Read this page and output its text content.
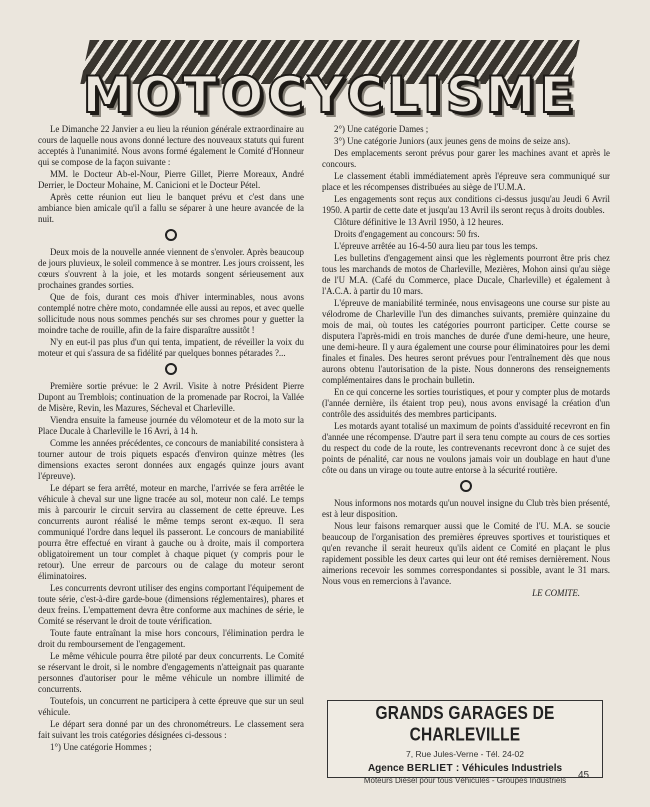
MOTOCYCLISME

Le Dimanche 22 Janvier a eu lieu la réunion générale extraordinaire au cours de laquelle nous avons donné lecture des nouveaux statuts qui furent acceptés à l'unanimité. Nous avons formé également le Comité d'Honneur qui se compose de la façon suivante :

MM. le Docteur Ab-el-Nour, Pierre Gillet, Pierre Moreaux, André Derrier, le Docteur Mohaine, M. Canicioni et le Docteur Pétel.

Après cette réunion eut lieu le banquet prévu et c'est dans une ambiance bien amicale qu'il a fallu se séparer à une heure avancée de la nuit.

Deux mois de la nouvelle année viennent de s'envoler. Après beaucoup de jours pluvieux, le soleil commence à se montrer. Les jours croissent, les cœurs s'ouvrent à la joie, et les motards songent sérieusement aux prochaines grandes sorties.

Que de fois, durant ces mois d'hiver interminables, nous avons contemplé notre chère moto, condamnée elle aussi au repos, et avec quelle sollicitude nous nous sommes penchés sur ses chromes pour y guetter la moindre tache de rouille, afin de la faire disparaître aussitôt !

N'y en eut-il pas plus d'un qui tenta, impatient, de réveiller la voix du moteur et qui s'assura de sa fidélité par quelques bonnes pétarades ?...

Première sortie prévue: le 2 Avril. Visite à notre Président Pierre Dupont au Tremblois; continuation de la promenade par Rocroi, la Vallée de Misère, Revin, les Mazures, Sécheval et Charleville.

Viendra ensuite la fameuse journée du vélomoteur et de la moto sur la Place Ducale à Charleville le 16 Avri, à 14 h.

Comme les années précédentes, ce concours de maniabilité consistera à tourner autour de trois piquets espacés d'environ quinze mètres (les dimensions exactes seront données aux engagés quinze jours avant l'épreuve).

Le départ se fera arrêté, moteur en marche, l'arrivée se fera arrêtée le véhicule à cheval sur une ligne tracée au sol, moteur non calé. Le temps mis à parcourir le circuit servira au classement de cette épreuve. Les concurrents auront réalisé le même temps seront ex-æquo. Il sera communiqué l'ordre dans lequel ils passeront. Le concours de maniabilité pourra être effectué en virant à gauche ou à droite, mais il comportera obligatoirement un tour complet à chaque piquet (y compris pour le retour). Une erreur de parcours ou de calage du moteur seront éliminatoires.

Les concurrents devront utiliser des engins comportant l'équipement de toute série, c'est-à-dire garde-boue (dimensions réglementaires), phares et deux freins. L'empattement devra être conforme aux machines de série, le Comité se réservant le droit de toute vérification.

Toute faute entraînant la mise hors concours, l'élimination perdra le droit du remboursement de l'engagement.

Le même véhicule pourra être piloté par deux concurrents. Le Comité se réservant le droit, si le nombre d'engagements n'atteignait pas quarante personnes d'autoriser pour le même véhicule un nombre illimité de concurrents.

Toutefois, un concurrent ne participera à cette épreuve que sur un seul véhicule.

Le départ sera donné par un des chronométreurs. Le classement sera fait suivant les trois catégories désignées ci-dessous :

1°) Une catégorie Hommes ;

2°) Une catégorie Dames ;

3°) Une catégorie Juniors (aux jeunes gens de moins de seize ans).

Des emplacements seront prévus pour garer les machines avant et après le concours.

Le classement établi immédiatement après l'épreuve sera communiqué sur place et les récompenses distribuées au siège de l'U.M.A.

Les engagements sont reçus aux conditions ci-dessus jusqu'au Jeudi 6 Avril 1950. A partir de cette date et jusqu'au 13 Avril ils seront reçus à droits doubles.

Clôture définitive le 13 Avril 1950, à 12 heures.

Droits d'engagement au concours: 50 frs.

L'épreuve arrêtée au 16-4-50 aura lieu par tous les temps.

Les bulletins d'engagement ainsi que les règlements pourront être pris chez tous les marchands de motos de Charleville, Mezières, Mohon ainsi qu'au siège de l'U M.A. (Café du Commerce, place Ducale, Charleville) et également à l'A.C.A. à partir du 10 mars.

L'épreuve de maniabilité terminée, nous envisageons une course sur piste au vélodrome de Charleville l'un des dimanches suivants, première quinzaine du mois de mai, où toutes les catégories pourront participer. Cette course se disputera l'après-midi en trois manches de durée d'une demi-heure, une heure, une demi-heure. Il y aura également une course pour éliminatoires pour les demi finales et finales. Des heures seront prévues pour l'entraînement dès que nous aurons obtenu l'autorisation de la piste. Nous donnerons des renseignements complémentaires dans le prochain bulletin.

En ce qui concerne les sorties touristiques, et pour y compter plus de motards (l'année dernière, ils étaient trop peu), nous avons envisagé la création d'un contrôle des assiduités des membres participants.

Les motards ayant totalisé un maximum de points d'assiduité recevront en fin d'année une récompense. D'autre part il sera tenu compte au cours de ces sorties du respect du code de la route, les contrevenants recevront donc à ce sujet des points de pénalité, car nous ne voulons jamais voir un doublage en haut d'une côte ou dans un virage ou toute autre entorse à la sécurité routière.

Nous informons nos motards qu'un nouvel insigne du Club très bien présenté, est à leur disposition.

Nous leur faisons remarquer aussi que le Comité de l'U. M.A. se soucie beaucoup de l'organisation des premières épreuves sportives et touristiques et qu'en revanche il serait heureux qu'ils aident ce Comité en plaçant le plus rapidement possible les deux cartes qui leur ont été remises dernièrement. Nous aimerions recevoir les sommes correspondantes si possible, avant le 31 mars. Nous vous en remercions à l'avance.

LE COMITE.
GRANDS GARAGES DE CHARLEVILLE
7, Rue Jules-Verne - Tél. 24-02
Agence BERLIET : Véhicules Industriels
Moteurs Diesel pour tous Véhicules - Groupes Industriels	45
